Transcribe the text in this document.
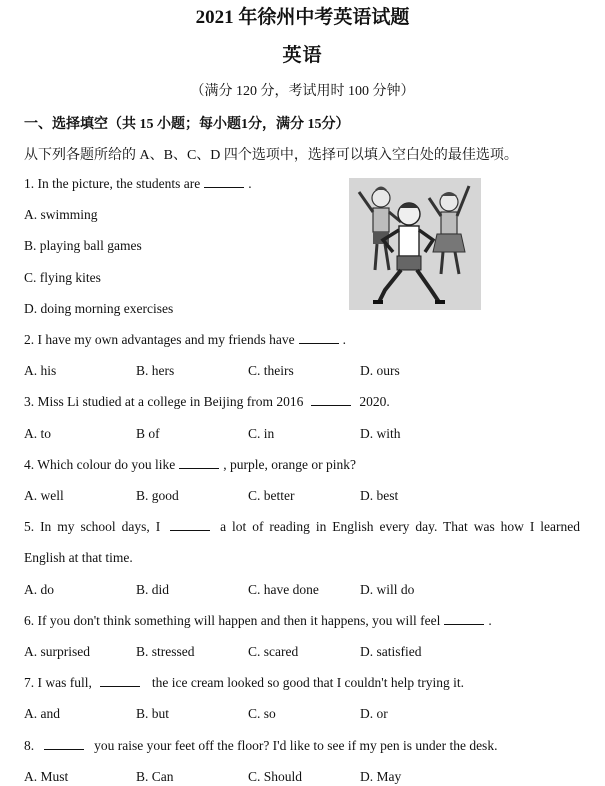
2021 年徐州中考英语试题
英语
（满分 120 分，考试用时 100 分钟）
一、选择填空（共 15 小题；每小题1分，满分 15分）
从下列各题所给的 A、B、C、D 四个选项中，选择可以填入空白处的最佳选项。
1. In the picture, the students are	.
A. swimming
B. playing ball games
C. flying kites
D. doing morning exercises
2. I have my own advantages and my friends have	.
A. his	B. hers	C. theirs	D. ours
3. Miss Li studied at a college in Beijing from 2016	2020.
A. to	B of	C. in	D. with
4. Which colour do you like	, purple, orange or pink?
A. well	B. good	C. better	D. best
5. In my school days, I	a lot of reading in English every day. That was how I learned
English at that time.
A. do	B. did	C. have done	D. will do
6. If you don't think something will happen and then it happens, you will feel	.
A. surprised	B. stressed	C. scared	D. satisfied
7. I was full,	the ice cream looked so good that I couldn't help trying it.
A. and	B. but	C. so	D. or
8.	you raise your feet off the floor? I'd like to see if my pen is under the desk.
A. Must	B. Can	C. Should	D. May
